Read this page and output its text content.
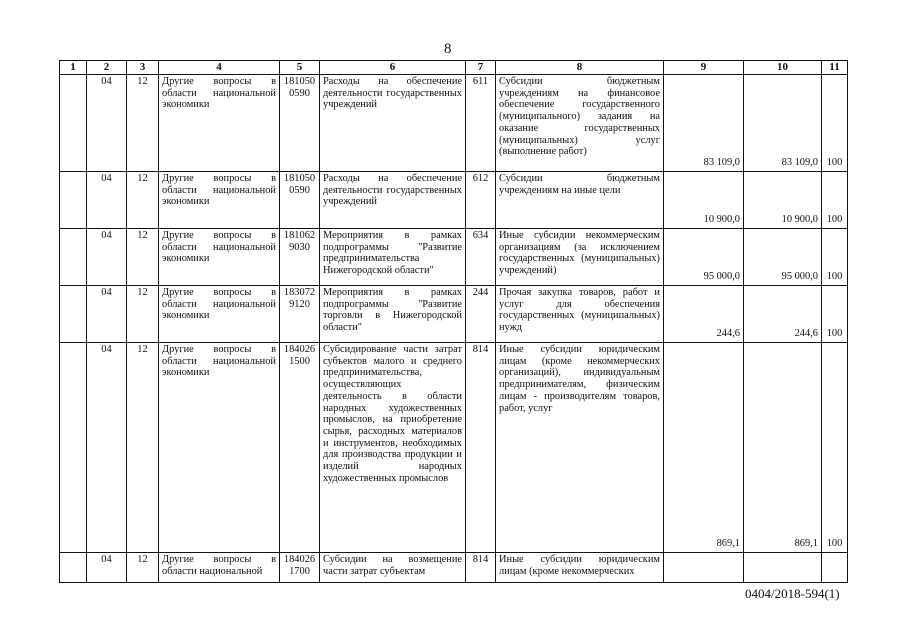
8
1	2	3	4	5	6	7	8	9	10	11
	04	12	Другие вопросы в области национальной экономики	181050 0590	Расходы на обеспечение деятельности государственных учреждений	611	Субсидии бюджетным учреждениям на финансовое обеспечение государственного (муниципального) задания на оказание государственных (муниципальных) услуг (выполнение работ)	83 109,0	83 109,0	100
	04	12	Другие вопросы в области национальной экономики	181050 0590	Расходы на обеспечение деятельности государственных учреждений	612	Субсидии бюджетным учреждениям на иные цели	10 900,0	10 900,0	100
	04	12	Другие вопросы в области национальной экономики	181062 9030	Мероприятия в рамках подпрограммы "Развитие предпринимательства Нижегородской области"	634	Иные субсидии некоммерческим организациям (за исключением государственных (муниципальных) учреждений)	95 000,0	95 000,0	100
	04	12	Другие вопросы в области национальной экономики	183072 9120	Мероприятия в рамках подпрограммы "Развитие торговли в Нижегородской области"	244	Прочая закупка товаров, работ и услуг для обеспечения государственных (муниципальных) нужд	244,6	244,6	100
	04	12	Другие вопросы в области национальной экономики	184026 1500	Субсидирование части затрат субъектов малого и среднего предпринимательства, осуществляющих деятельность в области народных художественных промыслов, на приобретение сырья, расходных материалов и инструментов, необходимых для производства продукции и изделий народных художественных промыслов	814	Иные субсидии юридическим лицам (кроме некоммерческих организаций), индивидуальным предпринимателям, физическим лицам - производителям товаров, работ, услуг	869,1	869,1	100
	04	12	Другие вопросы в области национальной	184026 1700	Субсидии на возмещение части затрат субъектам	814	Иные субсидии юридическим лицам (кроме некоммерческих			
0404/2018-594(1)
